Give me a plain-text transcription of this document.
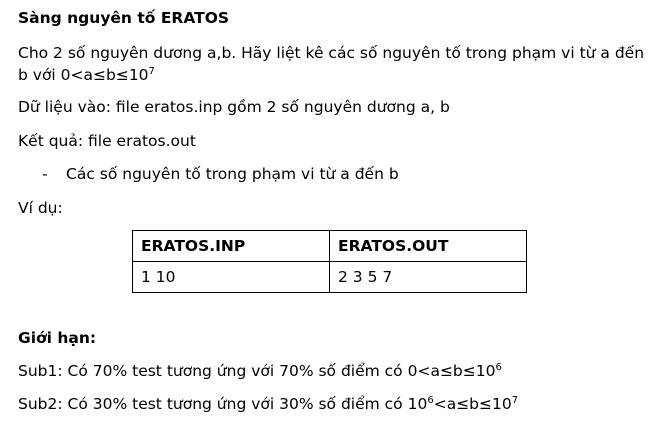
Sàng nguyên tố ERATOS
Cho 2 số nguyên dương a,b. Hãy liệt kê các số nguyên tố trong phạm vi từ a đến
b với $0<a\le b\le 10^7$
Dữ liệu vào: file eratos.inp gồm 2 số nguyên dương a, b
Kết quả: file eratos.out
- Các số nguyên tố trong phạm vi từ a đến b
Ví dụ:
ERATOS.INP	ERATOS.OUT
1 10	2 3 5 7
Giới hạn:
Sub1: Có 70% test tương ứng với 70% số điểm có $0<a\le b\le 10^6$
Sub2: Có 30% test tương ứng với 30% số điểm có $10^6<a\le b\le 10^7$
